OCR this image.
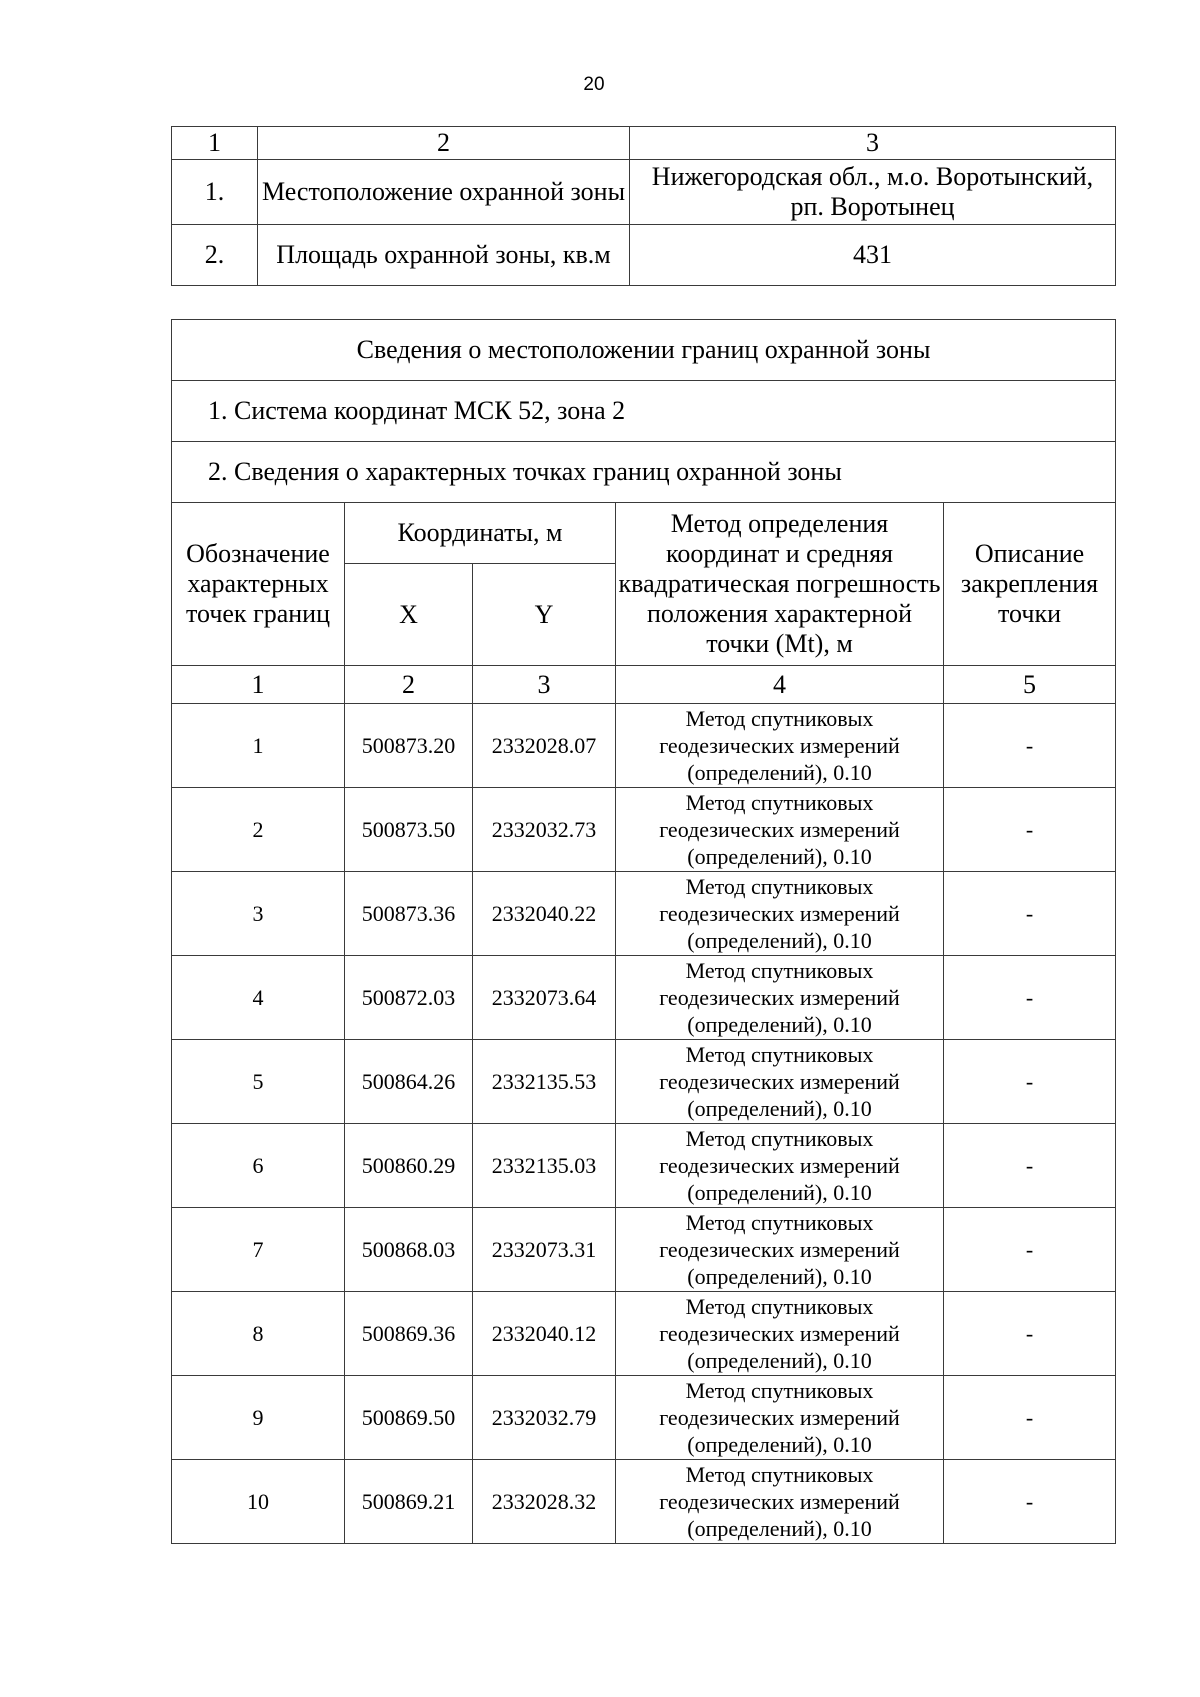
20
1	2	3
1.	Местоположение охранной зоны	Нижегородская обл., м.о. Воротынский, рп. Воротынец
2.	Площадь охранной зоны, кв.м	431
Сведения о местоположении границ охранной зоны				
1. Система координат МСК 52, зона 2				
2. Сведения о характерных точках границ охранной зоны				
Обозначение характерных точек границ	Координаты, м		Метод определения координат и средняя квадратическая погрешность положения характерной точки (Mt), м	Описание закрепления точки
	X	Y		
1	2	3	4	5
1	500873.20	2332028.07	Метод спутниковых геодезических измерений (определений), 0.10	-
2	500873.50	2332032.73	Метод спутниковых геодезических измерений (определений), 0.10	-
3	500873.36	2332040.22	Метод спутниковых геодезических измерений (определений), 0.10	-
4	500872.03	2332073.64	Метод спутниковых геодезических измерений (определений), 0.10	-
5	500864.26	2332135.53	Метод спутниковых геодезических измерений (определений), 0.10	-
6	500860.29	2332135.03	Метод спутниковых геодезических измерений (определений), 0.10	-
7	500868.03	2332073.31	Метод спутниковых геодезических измерений (определений), 0.10	-
8	500869.36	2332040.12	Метод спутниковых геодезических измерений (определений), 0.10	-
9	500869.50	2332032.79	Метод спутниковых геодезических измерений (определений), 0.10	-
10	500869.21	2332028.32	Метод спутниковых геодезических измерений (определений), 0.10	-
